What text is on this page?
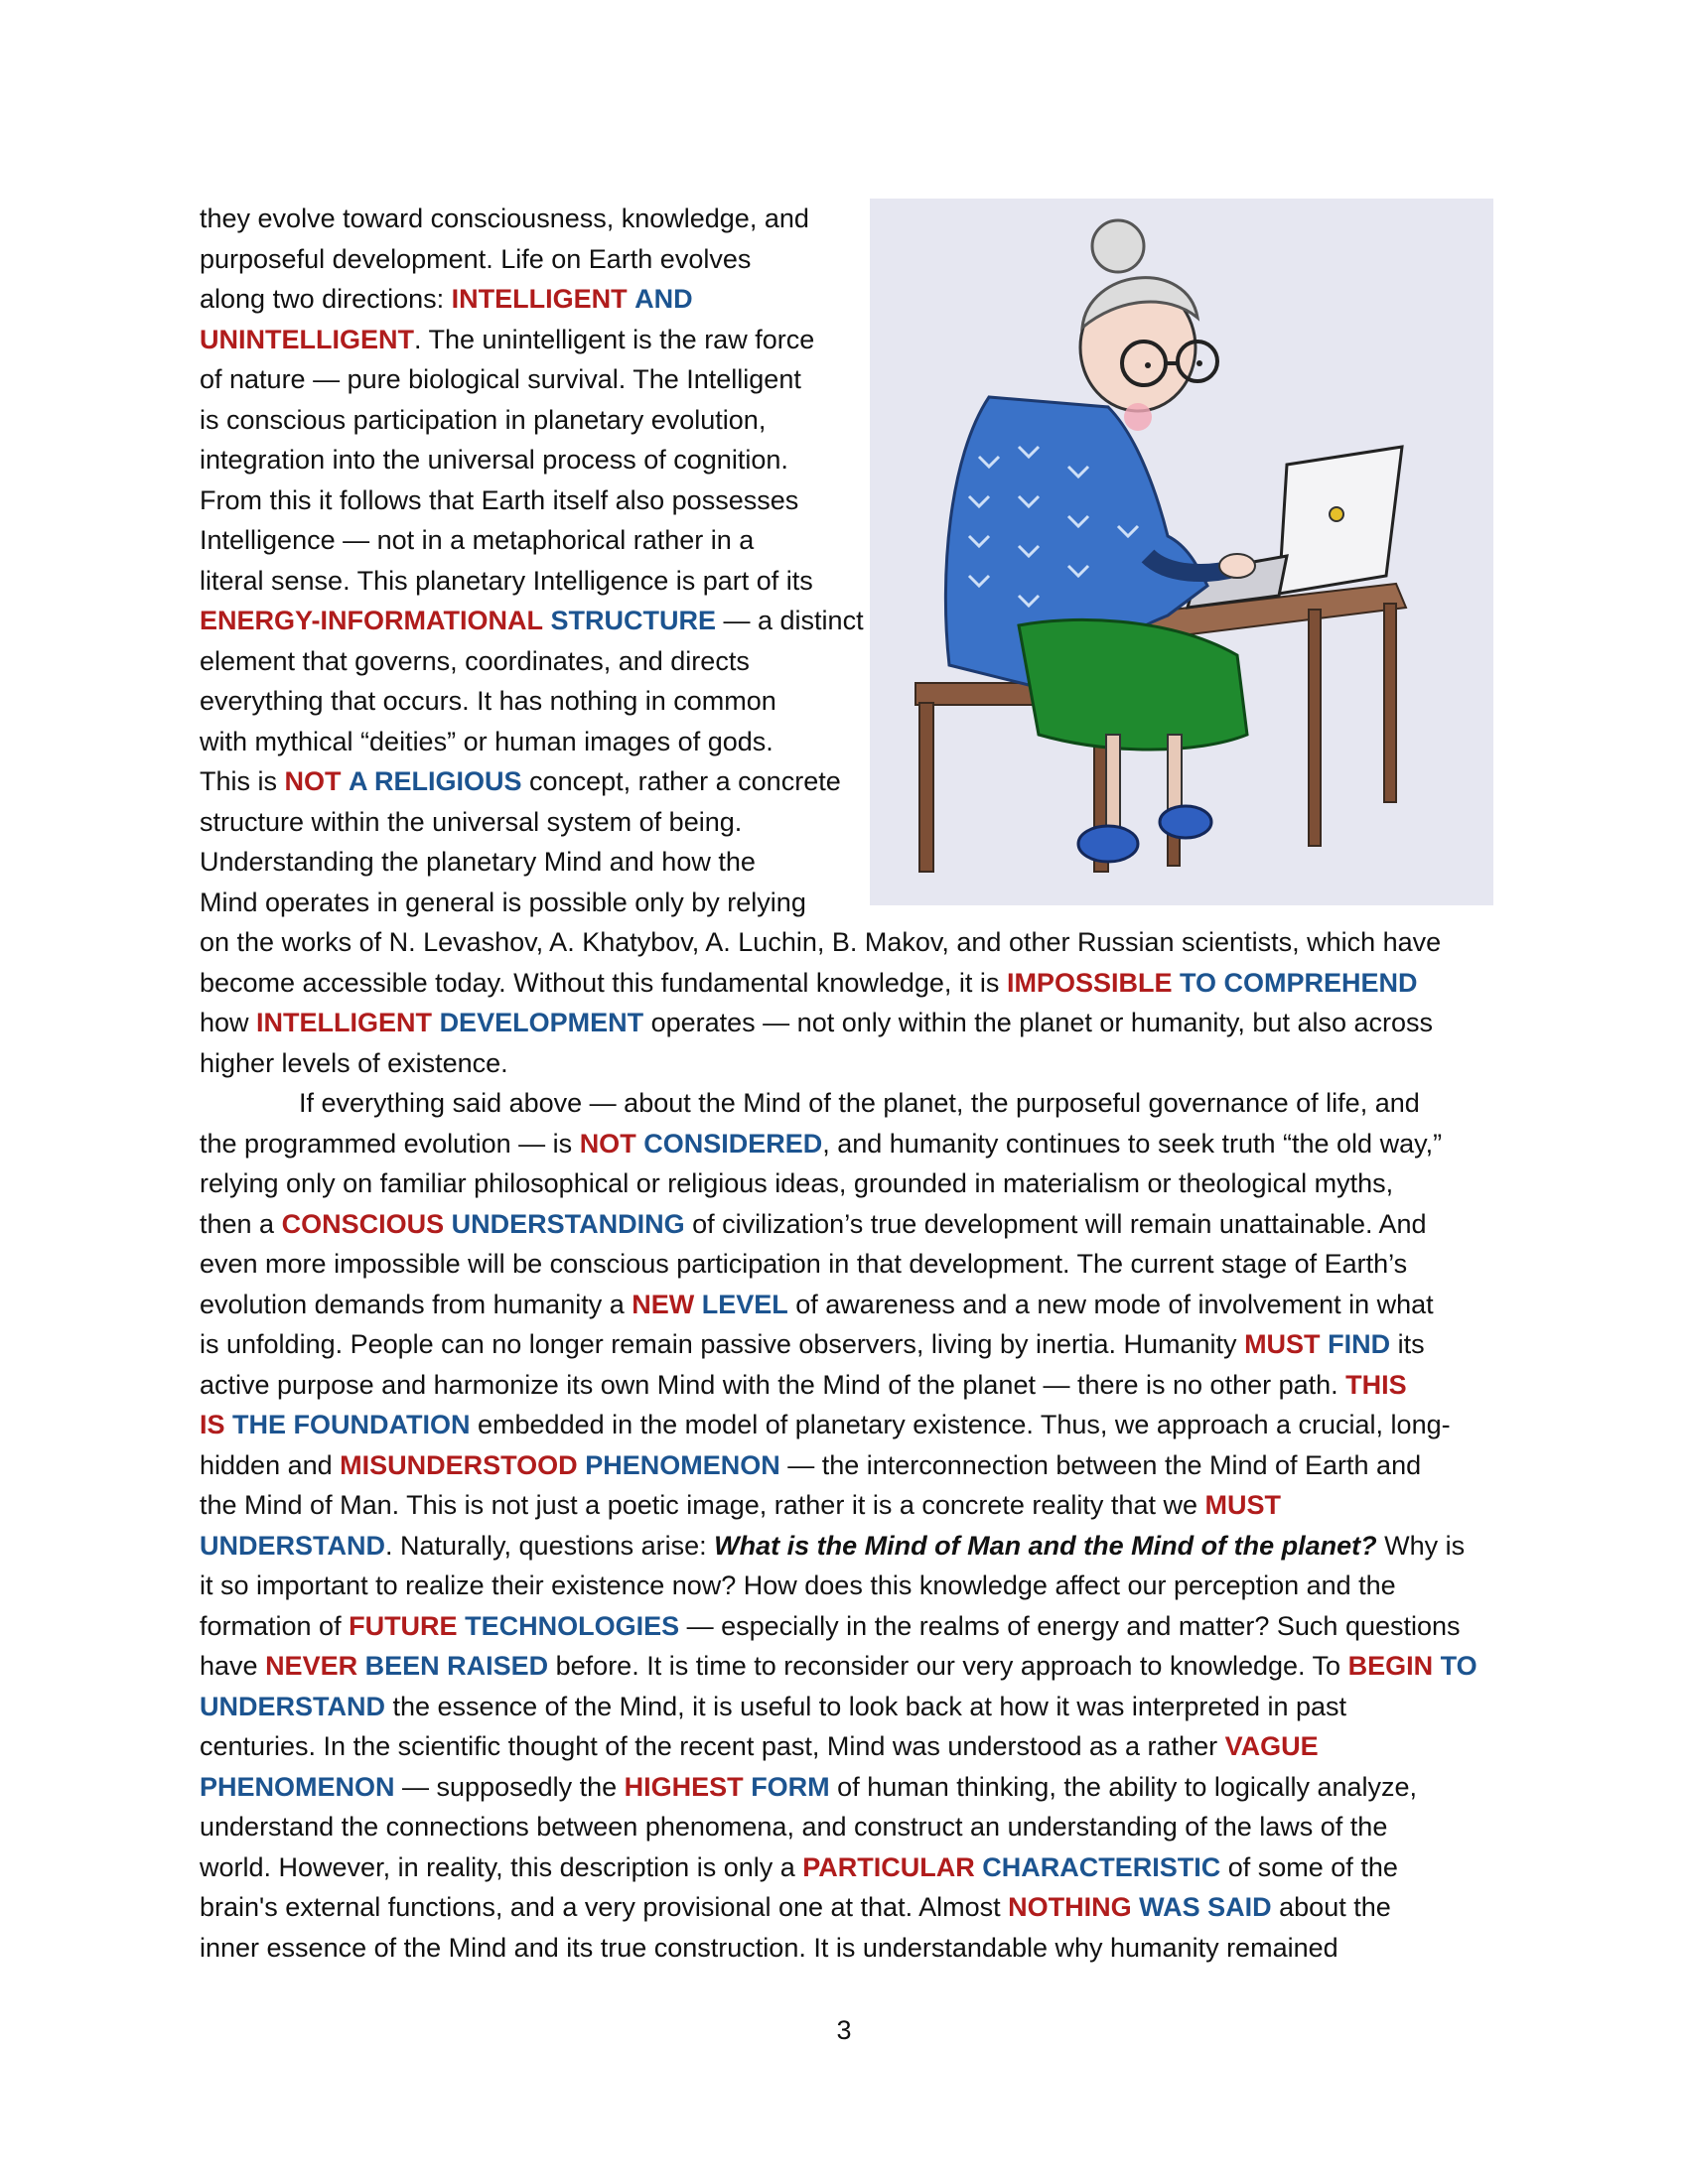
they evolve toward consciousness, knowledge, and
purposeful development. Life on Earth evolves
along two directions: INTELLIGENT AND
UNINTELLIGENT. The unintelligent is the raw force
of nature — pure biological survival. The Intelligent
is conscious participation in planetary evolution,
integration into the universal process of cognition.
From this it follows that Earth itself also possesses
Intelligence — not in a metaphorical rather in a
literal sense. This planetary Intelligence is part of its
ENERGY-INFORMATIONAL STRUCTURE — a distinct
element that governs, coordinates, and directs
everything that occurs. It has nothing in common
with mythical “deities” or human images of gods.
This is NOT A RELIGIOUS concept, rather a concrete
structure within the universal system of being.
Understanding the planetary Mind and how the
Mind operates in general is possible only by relying
on the works of N. Levashov, A. Khatybov, A. Luchin, B. Makov, and other Russian scientists, which have
become accessible today. Without this fundamental knowledge, it is IMPOSSIBLE TO COMPREHEND
how INTELLIGENT DEVELOPMENT operates — not only within the planet or humanity, but also across
higher levels of existence.
If everything said above — about the Mind of the planet, the purposeful governance of life, and
the programmed evolution — is NOT CONSIDERED, and humanity continues to seek truth “the old way,”
relying only on familiar philosophical or religious ideas, grounded in materialism or theological myths,
then a CONSCIOUS UNDERSTANDING of civilization’s true development will remain unattainable. And
even more impossible will be conscious participation in that development. The current stage of Earth’s
evolution demands from humanity a NEW LEVEL of awareness and a new mode of involvement in what
is unfolding. People can no longer remain passive observers, living by inertia. Humanity MUST FIND its
active purpose and harmonize its own Mind with the Mind of the planet — there is no other path. THIS
IS THE FOUNDATION embedded in the model of planetary existence. Thus, we approach a crucial, long-
hidden and MISUNDERSTOOD PHENOMENON — the interconnection between the Mind of Earth and
the Mind of Man. This is not just a poetic image, rather it is a concrete reality that we MUST
UNDERSTAND. Naturally, questions arise: What is the Mind of Man and the Mind of the planet? Why is
it so important to realize their existence now? How does this knowledge affect our perception and the
formation of FUTURE TECHNOLOGIES — especially in the realms of energy and matter? Such questions
have NEVER BEEN RAISED before. It is time to reconsider our very approach to knowledge. To BEGIN TO
UNDERSTAND the essence of the Mind, it is useful to look back at how it was interpreted in past
centuries. In the scientific thought of the recent past, Mind was understood as a rather VAGUE
PHENOMENON — supposedly the HIGHEST FORM of human thinking, the ability to logically analyze,
understand the connections between phenomena, and construct an understanding of the laws of the
world. However, in reality, this description is only a PARTICULAR CHARACTERISTIC of some of the
brain's external functions, and a very provisional one at that. Almost NOTHING WAS SAID about the
inner essence of the Mind and its true construction. It is understandable why humanity remained
3
